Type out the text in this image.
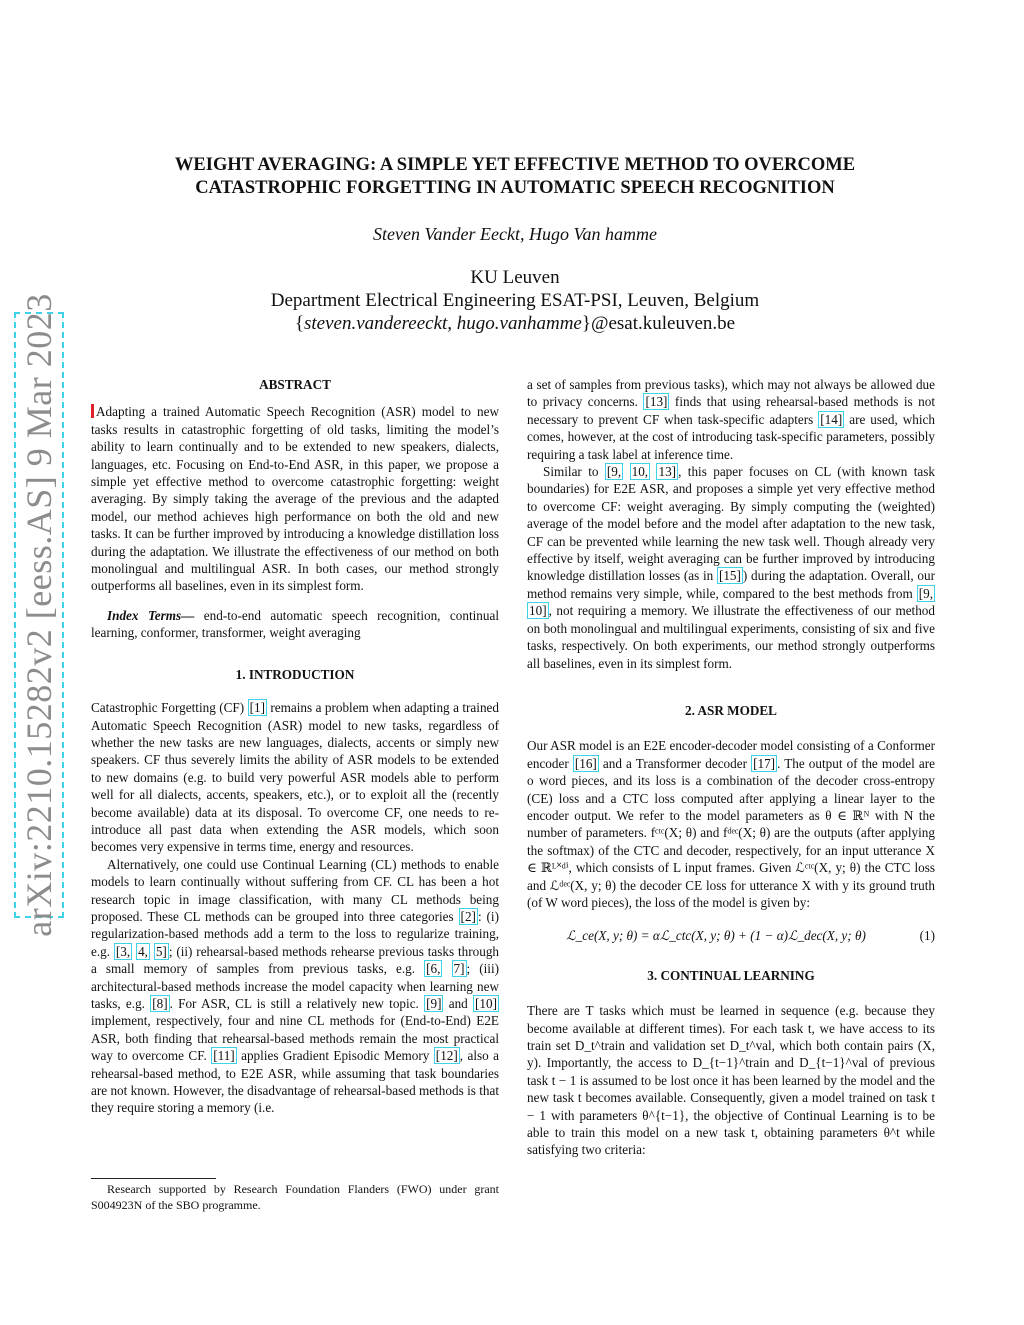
arXiv:2210.15282v2 [eess.AS] 9 Mar 2023
WEIGHT AVERAGING: A SIMPLE YET EFFECTIVE METHOD TO OVERCOME
CATASTROPHIC FORGETTING IN AUTOMATIC SPEECH RECOGNITION
Steven Vander Eeckt, Hugo Van hamme
KU Leuven
Department Electrical Engineering ESAT-PSI, Leuven, Belgium
{steven.vandereeckt, hugo.vanhamme}@esat.kuleuven.be
ABSTRACT

Adapting a trained Automatic Speech Recognition (ASR) model to new tasks results in catastrophic forgetting of old tasks, limiting the model’s ability to learn continually and to be extended to new speakers, dialects, languages, etc. Focusing on End-to-End ASR, in this paper, we propose a simple yet effective method to overcome catastrophic forgetting: weight averaging. By simply taking the average of the previous and the adapted model, our method achieves high performance on both the old and new tasks. It can be further improved by introducing a knowledge distillation loss during the adaptation. We illustrate the effectiveness of our method on both monolingual and multilingual ASR. In both cases, our method strongly outperforms all baselines, even in its simplest form.

Index Terms— end-to-end automatic speech recognition, continual learning, conformer, transformer, weight averaging

1. INTRODUCTION

Catastrophic Forgetting (CF) [1] remains a problem when adapting a trained Automatic Speech Recognition (ASR) model to new tasks, regardless of whether the new tasks are new languages, dialects, accents or simply new speakers. CF thus severely limits the ability of ASR models to be extended to new domains (e.g. to build very powerful ASR models able to perform well for all dialects, accents, speakers, etc.), or to exploit all the (recently become available) data at its disposal. To overcome CF, one needs to re-introduce all past data when extending the ASR models, which soon becomes very expensive in terms time, energy and resources.

Alternatively, one could use Continual Learning (CL) methods to enable models to learn continually without suffering from CF. CL has been a hot research topic in image classification, with many CL methods being proposed. These CL methods can be grouped into three categories [2] : (i) regularization-based methods add a term to the loss to regularize training, e.g. [3, 4, 5] ; (ii) rehearsal-based methods rehearse previous tasks through a small memory of samples from previous tasks, e.g. [6, 7] ; (iii) architectural-based methods increase the model capacity when learning new tasks, e.g. [8] . For ASR, CL is still a relatively new topic. [9] and [10] implement, respectively, four and nine CL methods for (End-to-End) E2E ASR, both finding that rehearsal-based methods remain the most practical way to overcome CF. [11] applies Gradient Episodic Memory [12] , also a rehearsal-based method, to E2E ASR, while assuming that task boundaries are not known. However, the disadvantage of rehearsal-based methods is that they require storing a memory (i.e.

Research supported by Research Foundation Flanders (FWO) under grant S004923N of the SBO programme.

a set of samples from previous tasks), which may not always be allowed due to privacy concerns. [13] finds that using rehearsal-based methods is not necessary to prevent CF when task-specific adapters [14] are used, which comes, however, at the cost of introducing task-specific parameters, possibly requiring a task label at inference time.

Similar to [9, 10, 13] , this paper focuses on CL (with known task boundaries) for E2E ASR, and proposes a simple yet very effective method to overcome CF: weight averaging. By simply computing the (weighted) average of the model before and the model after adaptation to the new task, CF can be prevented while learning the new task well. Though already very effective by itself, weight averaging can be further improved by introducing knowledge distillation losses (as in [15] ) during the adaptation. Overall, our method remains very simple, while, compared to the best methods from [9, 10] , not requiring a memory. We illustrate the effectiveness of our method on both monolingual and multilingual experiments, consisting of six and five tasks, respectively. On both experiments, our method strongly outperforms all baselines, even in its simplest form.

2. ASR MODEL

Our ASR model is an E2E encoder-decoder model consisting of a Conformer encoder [16] and a Transformer decoder [17] . The output of the model are o word pieces, and its loss is a combination of the decoder cross-entropy (CE) loss and a CTC loss computed after applying a linear layer to the encoder output. We refer to the model parameters as θ ∈ ℝᴺ with N the number of parameters. fᶜᵗᶜ(X; θ) and fᵈᵉᶜ(X; θ) are the outputs (after applying the softmax) of the CTC and decoder, respectively, for an input utterance X ∈ ℝᴸ˟ᵈⁱ, which consists of L input frames. Given ℒᶜᵗᶜ(X, y; θ) the CTC loss and ℒᵈᵉᶜ(X, y; θ) the decoder CE loss for utterance X with y its ground truth (of W word pieces), the loss of the model is given by:

ℒ_ce(X, y; θ) = αℒ_ctc(X, y; θ) + (1 − α)ℒ_dec(X, y; θ)	(1)
3. CONTINUAL LEARNING

There are T tasks which must be learned in sequence (e.g. because they become available at different times). For each task t, we have access to its train set D_t^train and validation set D_t^val, which both contain pairs (X, y). Importantly, the access to D_{t−1}^train and D_{t−1}^val of previous task t − 1 is assumed to be lost once it has been learned by the model and the new task t becomes available. Consequently, given a model trained on task t − 1 with parameters θ^{t−1}, the objective of Continual Learning is to be able to train this model on a new task t, obtaining parameters θ^t while satisfying two criteria:
